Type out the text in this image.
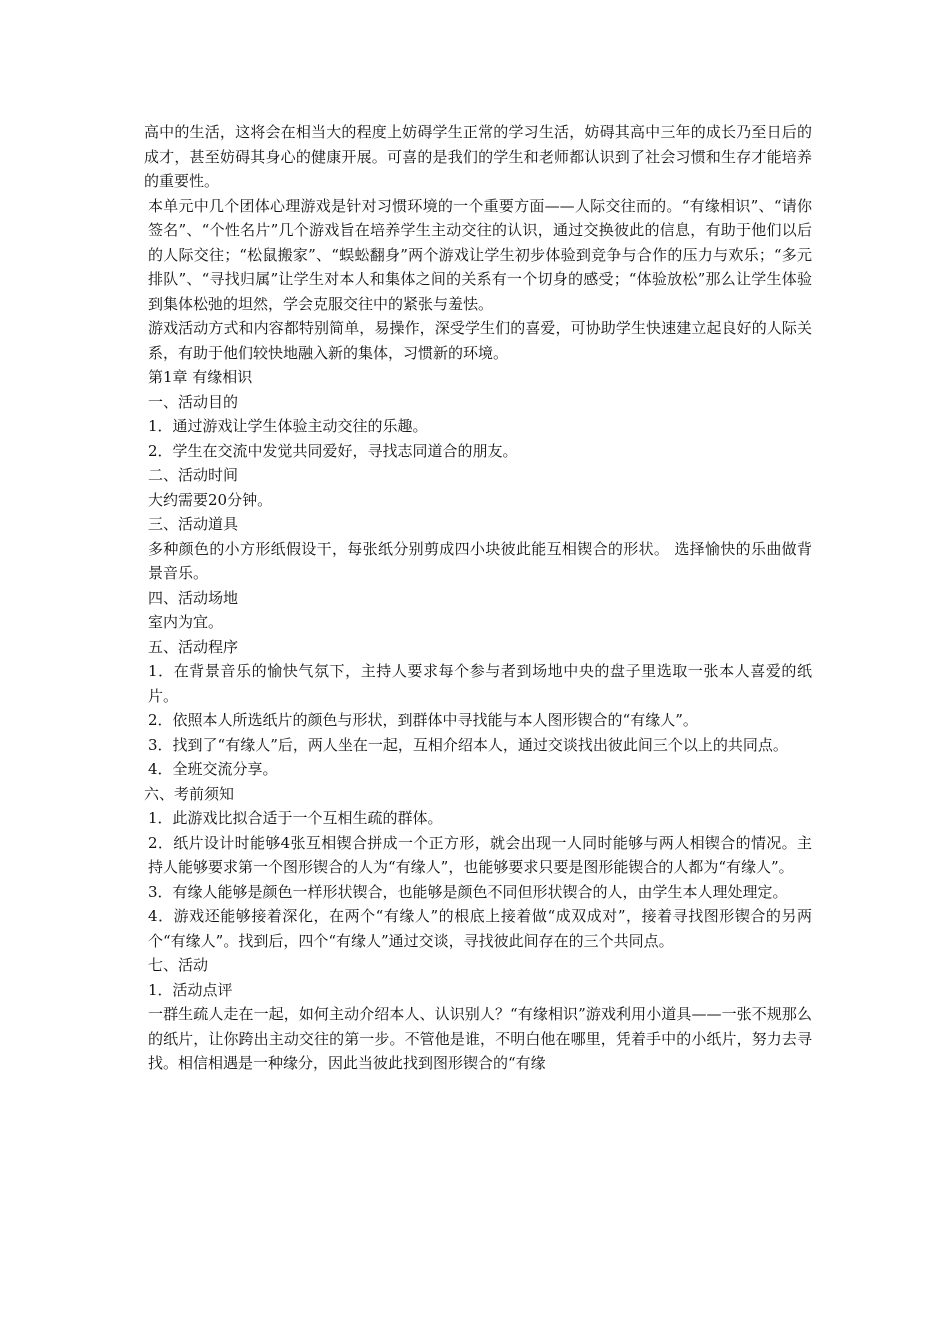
高中的生活，这将会在相当大的程度上妨碍学生正常的学习生活，妨碍其高中三年的成长乃至日后的成才，甚至妨碍其身心的健康开展。可喜的是我们的学生和老师都认识到了社会习惯和生存才能培养的重要性。

本单元中几个团体心理游戏是针对习惯环境的一个重要方面——人际交往而的。“有缘相识”、“请你签名”、“个性名片”几个游戏旨在培养学生主动交往的认识，通过交换彼此的信息，有助于他们以后的人际交往；“松鼠搬家”、“蜈蚣翻身”两个游戏让学生初步体验到竞争与合作的压力与欢乐；“多元排队”、“寻找归属”让学生对本人和集体之间的关系有一个切身的感受；“体验放松”那么让学生体验到集体松弛的坦然，学会克服交往中的紧张与羞怯。

游戏活动方式和内容都特别简单，易操作，深受学生们的喜爱，可协助学生快速建立起良好的人际关系，有助于他们较快地融入新的集体，习惯新的环境。

第1章 有缘相识

一、活动目的

1．通过游戏让学生体验主动交往的乐趣。

2．学生在交流中发觉共同爱好，寻找志同道合的朋友。

二、活动时间

大约需要20分钟。

三、活动道具

多种颜色的小方形纸假设干，每张纸分别剪成四小块彼此能互相锲合的形状。 选择愉快的乐曲做背景音乐。

四、活动场地

室内为宜。

五、活动程序

1．在背景音乐的愉快气氛下，主持人要求每个参与者到场地中央的盘子里选取一张本人喜爱的纸片。

2．依照本人所选纸片的颜色与形状，到群体中寻找能与本人图形锲合的“有缘人”。

3．找到了“有缘人”后，两人坐在一起，互相介绍本人，通过交谈找出彼此间三个以上的共同点。

4．全班交流分享。

六、考前须知

1．此游戏比拟合适于一个互相生疏的群体。

2．纸片设计时能够4张互相锲合拼成一个正方形，就会出现一人同时能够与两人相锲合的情况。主持人能够要求第一个图形锲合的人为“有缘人”，也能够要求只要是图形能锲合的人都为“有缘人”。

3．有缘人能够是颜色一样形状锲合，也能够是颜色不同但形状锲合的人，由学生本人理处理定。

4．游戏还能够接着深化，在两个“有缘人”的根底上接着做“成双成对”，接着寻找图形锲合的另两个“有缘人”。找到后，四个“有缘人”通过交谈，寻找彼此间存在的三个共同点。

七、活动

1．活动点评

一群生疏人走在一起，如何主动介绍本人、认识别人？“有缘相识”游戏利用小道具——一张不规那么的纸片，让你跨出主动交往的第一步。不管他是谁，不明白他在哪里，凭着手中的小纸片，努力去寻找。相信相遇是一种缘分，因此当彼此找到图形锲合的“有缘
